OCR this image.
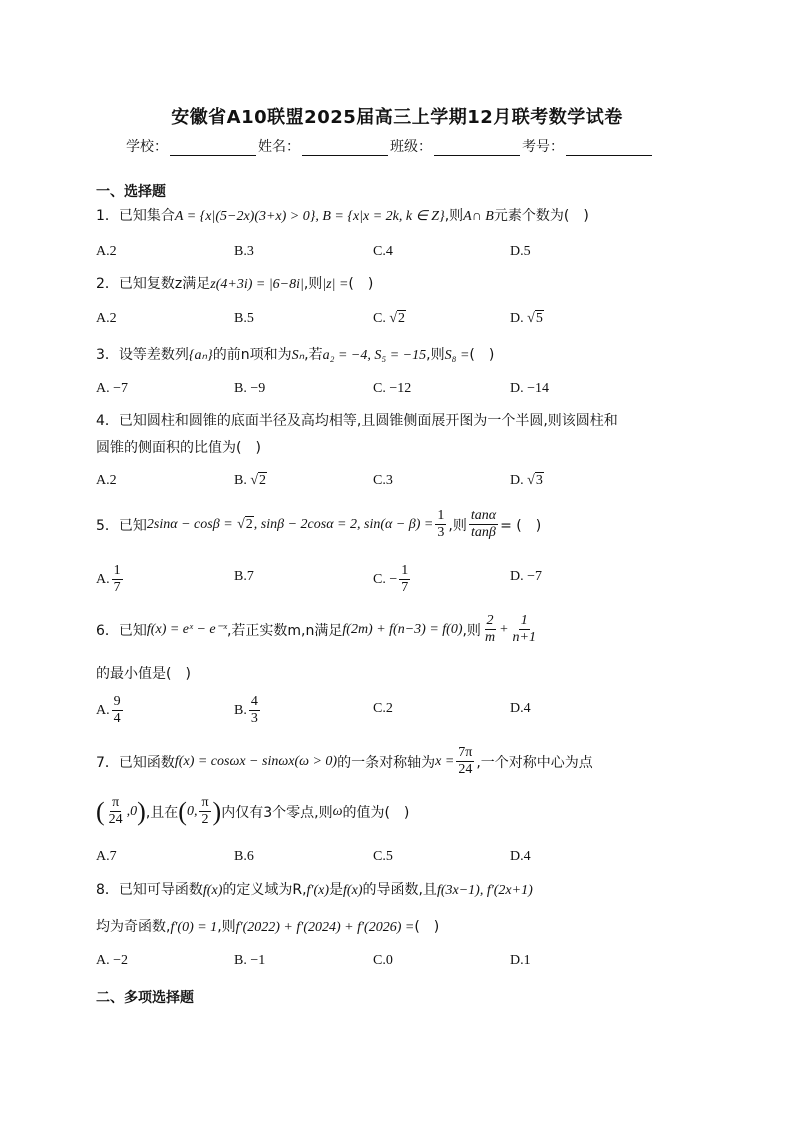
安徽省A10联盟2025届高三上学期12月联考数学试卷
学校：	姓名：	班级：	考号：
一、选择题
1．已知集合A = {x|(5−2x)(3+x) > 0}, B = {x|x = 2k, k ∈ Z},则A∩ B元素个数为(　)
A.2	B.3	C.4	D.5
2．已知复数z满足z(4+3i) = |6−8i|,则|z| =(　)
A.2	B.5	C. √2	D. √5
3．设等差数列{aₙ}的前n项和为Sₙ,若a₂ = −4, S₅ = −15,则S₈ =(　)
A. −7	B. −9	C. −12	D. −14
4．已知圆柱和圆锥的底面半径及高均相等,且圆锥侧面展开图为一个半圆,则该圆柱和
圆锥的侧面积的比值为(　)
A.2	B. √2	C.3	D. √3
5．已知 2sinα − cosβ =
√2 , sinβ − 2cosα = 2, $\sin(\alpha - \beta) = \frac{1}{3}$ ,则 $\frac{\tan\alpha}{\tan\beta}$ = (　)
A. $\frac{1}{7}$	B.7	C. − $\frac{1}{7}$	D. −7
6．已知 f(x) = eˣ − e⁻ˣ ,若正实数m,n满足 f(2m) + f(n−3) = f(0) ,则 $\frac{2}{m} + \frac{1}{n+1}$
的最小值是(　)
A. $\frac{9}{4}$	B. $\frac{4}{3}$	C.2	D.4
7．已知函数 f(x) = cosωx − sinωx(ω > 0) 的一条对称轴为 $x = \frac{7\pi}{24}$ ,一个对称中心为点
( $\frac{\pi}{24} ,0$ ) ,且在 ( 0, $\frac{\pi}{2}$ ) 内仅有3个零点,则 ω 的值为(　)
A.7	B.6	C.5	D.4
8．已知可导函数f(x)的定义域为R,f′(x)是f(x)的导函数,且f(3x−1), f′(2x+1)
均为奇函数,f′(0) = 1,则f′(2022) + f′(2024) + f′(2026) =(　)
A. −2	B. −1	C.0	D.1
二、多项选择题
